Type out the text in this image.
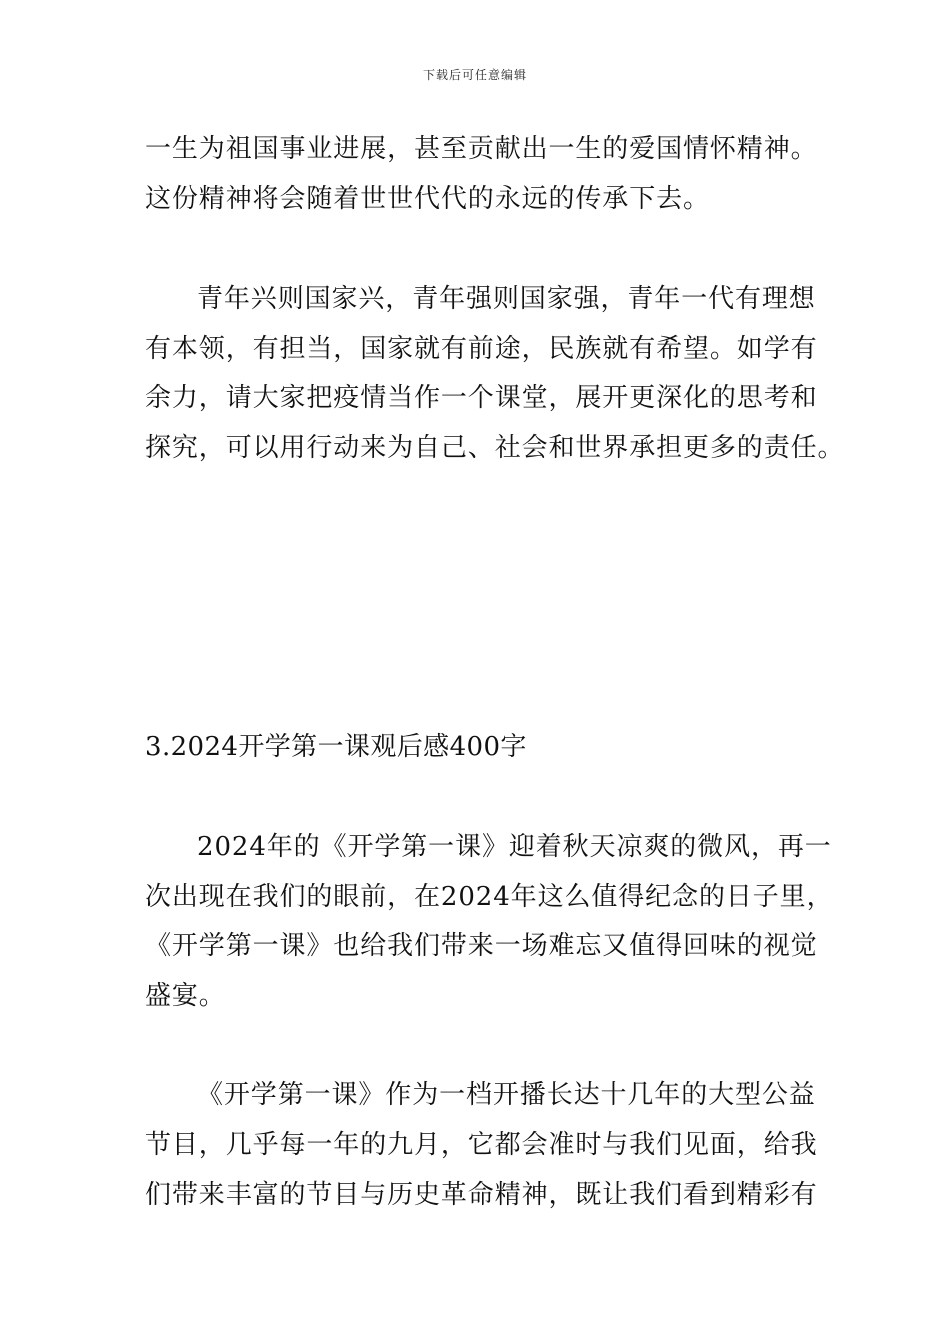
下载后可任意编辑
一生为祖国事业进展，甚至贡献出一生的爱国情怀精神。
这份精神将会随着世世代代的永远的传承下去。
青年兴则国家兴，青年强则国家强，青年一代有理想
有本领，有担当，国家就有前途，民族就有希望。如学有
余力，请大家把疫情当作一个课堂，展开更深化的思考和
探究，可以用行动来为自己、社会和世界承担更多的责任。
3.2024开学第一课观后感400字
2024年的《开学第一课》迎着秋天凉爽的微风，再一
次出现在我们的眼前，在2024年这么值得纪念的日子里，
《开学第一课》也给我们带来一场难忘又值得回味的视觉
盛宴。
《开学第一课》作为一档开播长达十几年的大型公益
节目，几乎每一年的九月，它都会准时与我们见面，给我
们带来丰富的节目与历史革命精神，既让我们看到精彩有
